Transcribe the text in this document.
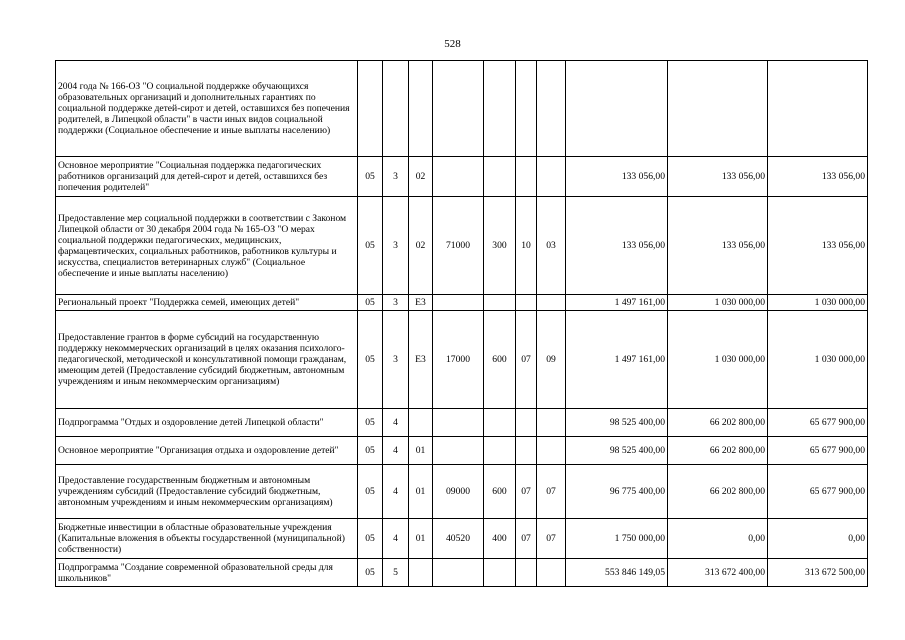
528
2004 года № 166-ОЗ "О социальной поддержке обучающихся образовательных организаций и дополнительных гарантиях по социальной поддержке детей-сирот и детей, оставшихся без попечения родителей, в Липецкой области" в части иных видов социальной поддержки (Социальное обеспечение и иные выплаты населению)										
Основное мероприятие "Социальная поддержка педагогических работников организаций для детей-сирот и детей, оставшихся без попечения родителей"	05	3	02					133 056,00	133 056,00	133 056,00
Предоставление мер социальной поддержки в соответствии с Законом Липецкой области от 30 декабря 2004 года № 165-ОЗ "О мерах социальной поддержки педагогических, медицинских, фармацевтических, социальных работников, работников культуры и искусства, специалистов ветеринарных служб" (Социальное обеспечение и иные выплаты населению)	05	3	02	71000	300	10	03	133 056,00	133 056,00	133 056,00
Региональный проект "Поддержка семей, имеющих детей"	05	3	Е3					1 497 161,00	1 030 000,00	1 030 000,00
Предоставление грантов в форме субсидий на государственную поддержку некоммерческих организаций в целях оказания психолого-педагогической, методической и консультативной помощи гражданам, имеющим детей (Предоставление субсидий бюджетным, автономным учреждениям и иным некоммерческим организациям)	05	3	Е3	17000	600	07	09	1 497 161,00	1 030 000,00	1 030 000,00
Подпрограмма "Отдых и оздоровление детей Липецкой области"	05	4						98 525 400,00	66 202 800,00	65 677 900,00
Основное мероприятие "Организация отдыха и оздоровление детей"	05	4	01					98 525 400,00	66 202 800,00	65 677 900,00
Предоставление государственным бюджетным и автономным учреждениям субсидий (Предоставление субсидий бюджетным, автономным учреждениям и иным некоммерческим организациям)	05	4	01	09000	600	07	07	96 775 400,00	66 202 800,00	65 677 900,00
Бюджетные инвестиции в областные образовательные учреждения (Капитальные вложения в объекты государственной (муниципальной) собственности)	05	4	01	40520	400	07	07	1 750 000,00	0,00	0,00
Подпрограмма "Создание современной образовательной среды для школьников"	05	5						553 846 149,05	313 672 400,00	313 672 500,00
